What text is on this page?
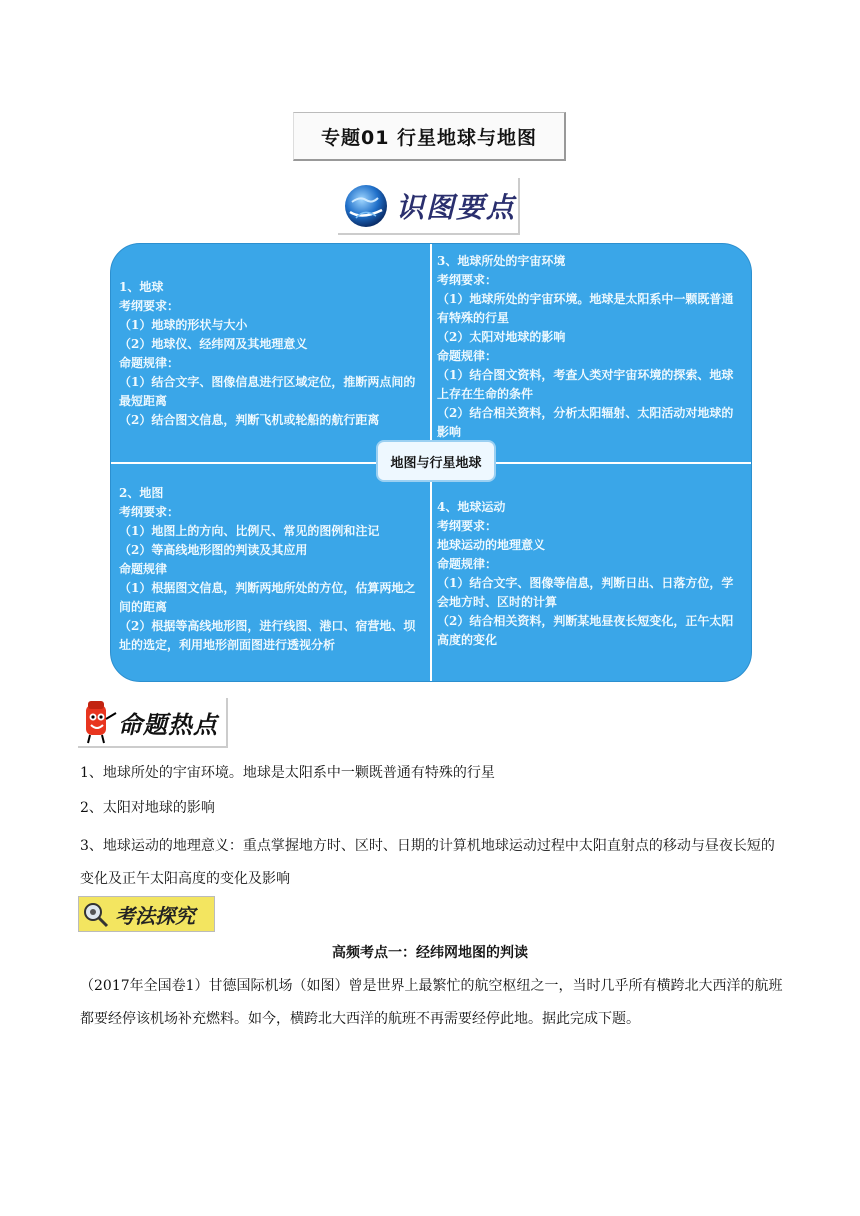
专题01 行星地球与地图
识图要点
1、地球
考纲要求：
（1）地球的形状与大小
（2）地球仪、经纬网及其地理意义
命题规律：
（1）结合文字、图像信息进行区域定位，推断两点间的最短距离
（2）结合图文信息，判断飞机或轮船的航行距离
3、地球所处的宇宙环境
考纲要求：
（1）地球所处的宇宙环境。地球是太阳系中一颗既普通有特殊的行星
（2）太阳对地球的影响
命题规律：
（1）结合图文资料，考查人类对宇宙环境的探索、地球上存在生命的条件
（2）结合相关资料，分析太阳辐射、太阳活动对地球的影响
2、地图
考纲要求：
（1）地图上的方向、比例尺、常见的图例和注记
（2）等高线地形图的判读及其应用
命题规律
（1）根据图文信息，判断两地所处的方位，估算两地之间的距离
（2）根据等高线地形图，进行线图、港口、宿营地、坝址的选定，利用地形剖面图进行透视分析
4、地球运动
考纲要求：
地球运动的地理意义
命题规律：
（1）结合文字、图像等信息，判断日出、日落方位，学会地方时、区时的计算
（2）结合相关资料，判断某地昼夜长短变化，正午太阳高度的变化
地图与行星地球
命题热点
1、地球所处的宇宙环境。地球是太阳系中一颗既普通有特殊的行星
2、太阳对地球的影响
3、地球运动的地理意义：重点掌握地方时、区时、日期的计算机地球运动过程中太阳直射点的移动与昼夜长短的变化及正午太阳高度的变化及影响
考法探究
高频考点一：经纬网地图的判读
（2017年全国卷1）甘德国际机场（如图）曾是世界上最繁忙的航空枢纽之一，当时几乎所有横跨北大西洋的航班都要经停该机场补充燃料。如今，横跨北大西洋的航班不再需要经停此地。据此完成下题。
